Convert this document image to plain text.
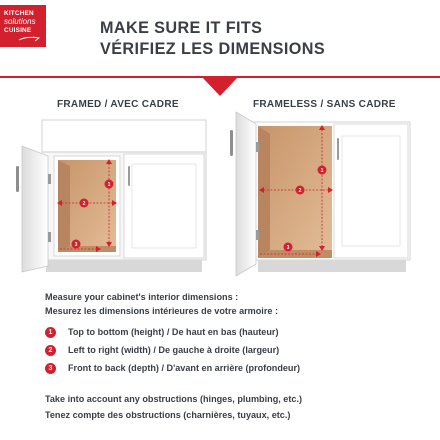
KITCHEN
solutions
CUISINE	MAKE SURE IT FITS
VÉRIFIEZ LES DIMENSIONS
FRAMED / AVEC CADRE	FRAMELESS / SANS CADRE
1
2
3
1
2
3
Measure your cabinet's interior dimensions :
Mesurez les dimensions intérieures de votre armoire :
1	Top to bottom (height) / De haut en bas (hauteur)
2	Left to right (width) / De gauche à droite (largeur)
3	Front to back (depth) / D'avant en arrière (profondeur)
Take into account any obstructions (hinges, plumbing, etc.)
Tenez compte des obstructions (charnières, tuyaux, etc.)
